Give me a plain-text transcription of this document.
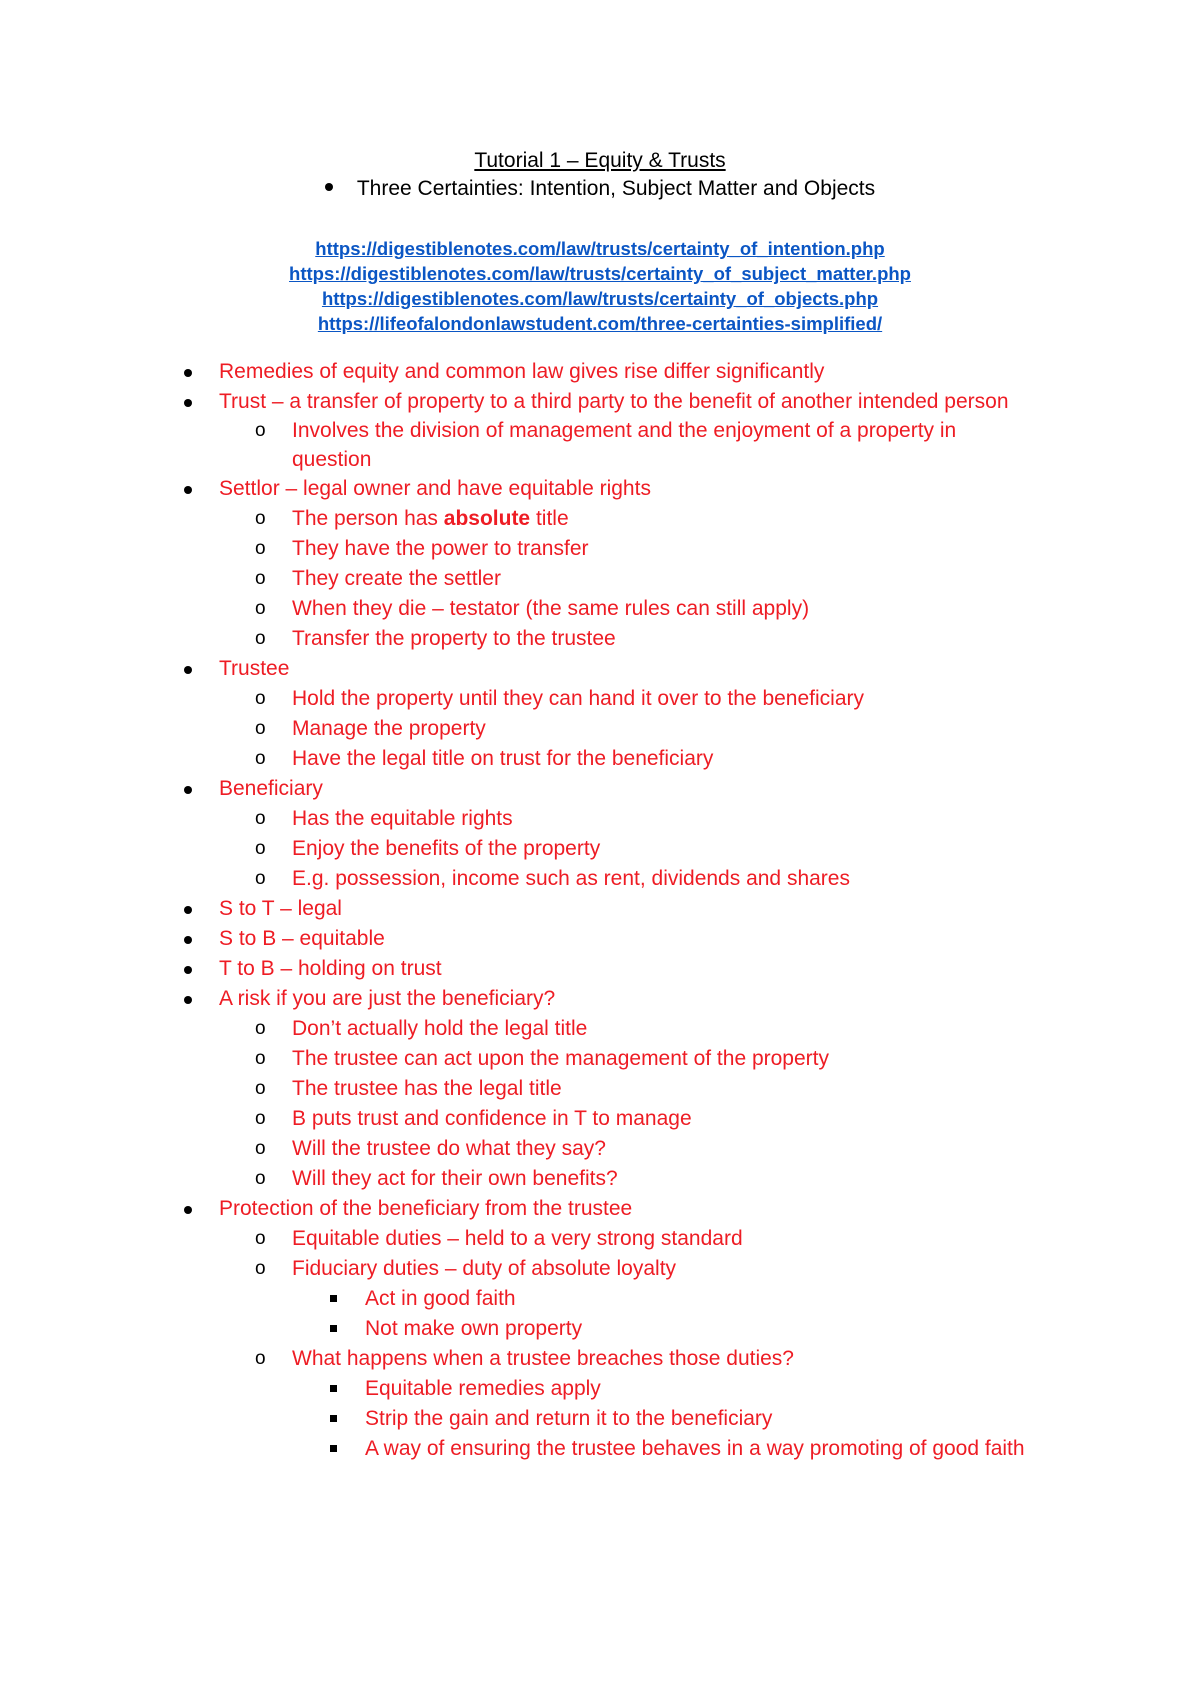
Tutorial 1 – Equity & Trusts
Three Certainties: Intention, Subject Matter and Objects
https://digestiblenotes.com/law/trusts/certainty_of_intention.php
https://digestiblenotes.com/law/trusts/certainty_of_subject_matter.php
https://digestiblenotes.com/law/trusts/certainty_of_objects.php
https://lifeofalondonlawstudent.com/three-certainties-simplified/
Remedies of equity and common law gives rise differ significantly
Trust – a transfer of property to a third party to the benefit of another intended person
o	Involves the division of management and the enjoyment of a property in question
Settlor – legal owner and have equitable rights
o	The person has absolute title
o	They have the power to transfer
o	They create the settler
o	When they die – testator (the same rules can still apply)
o	Transfer the property to the trustee
Trustee
o	Hold the property until they can hand it over to the beneficiary
o	Manage the property
o	Have the legal title on trust for the beneficiary
Beneficiary
o	Has the equitable rights
o	Enjoy the benefits of the property
o	E.g. possession, income such as rent, dividends and shares
S to T – legal
S to B – equitable
T to B – holding on trust
A risk if you are just the beneficiary?
o	Don’t actually hold the legal title
o	The trustee can act upon the management of the property
o	The trustee has the legal title
o	B puts trust and confidence in T to manage
o	Will the trustee do what they say?
o	Will they act for their own benefits?
Protection of the beneficiary from the trustee
o	Equitable duties – held to a very strong standard
o	Fiduciary duties – duty of absolute loyalty
Act in good faith
Not make own property
o	What happens when a trustee breaches those duties?
Equitable remedies apply
Strip the gain and return it to the beneficiary
A way of ensuring the trustee behaves in a way promoting of good faith
